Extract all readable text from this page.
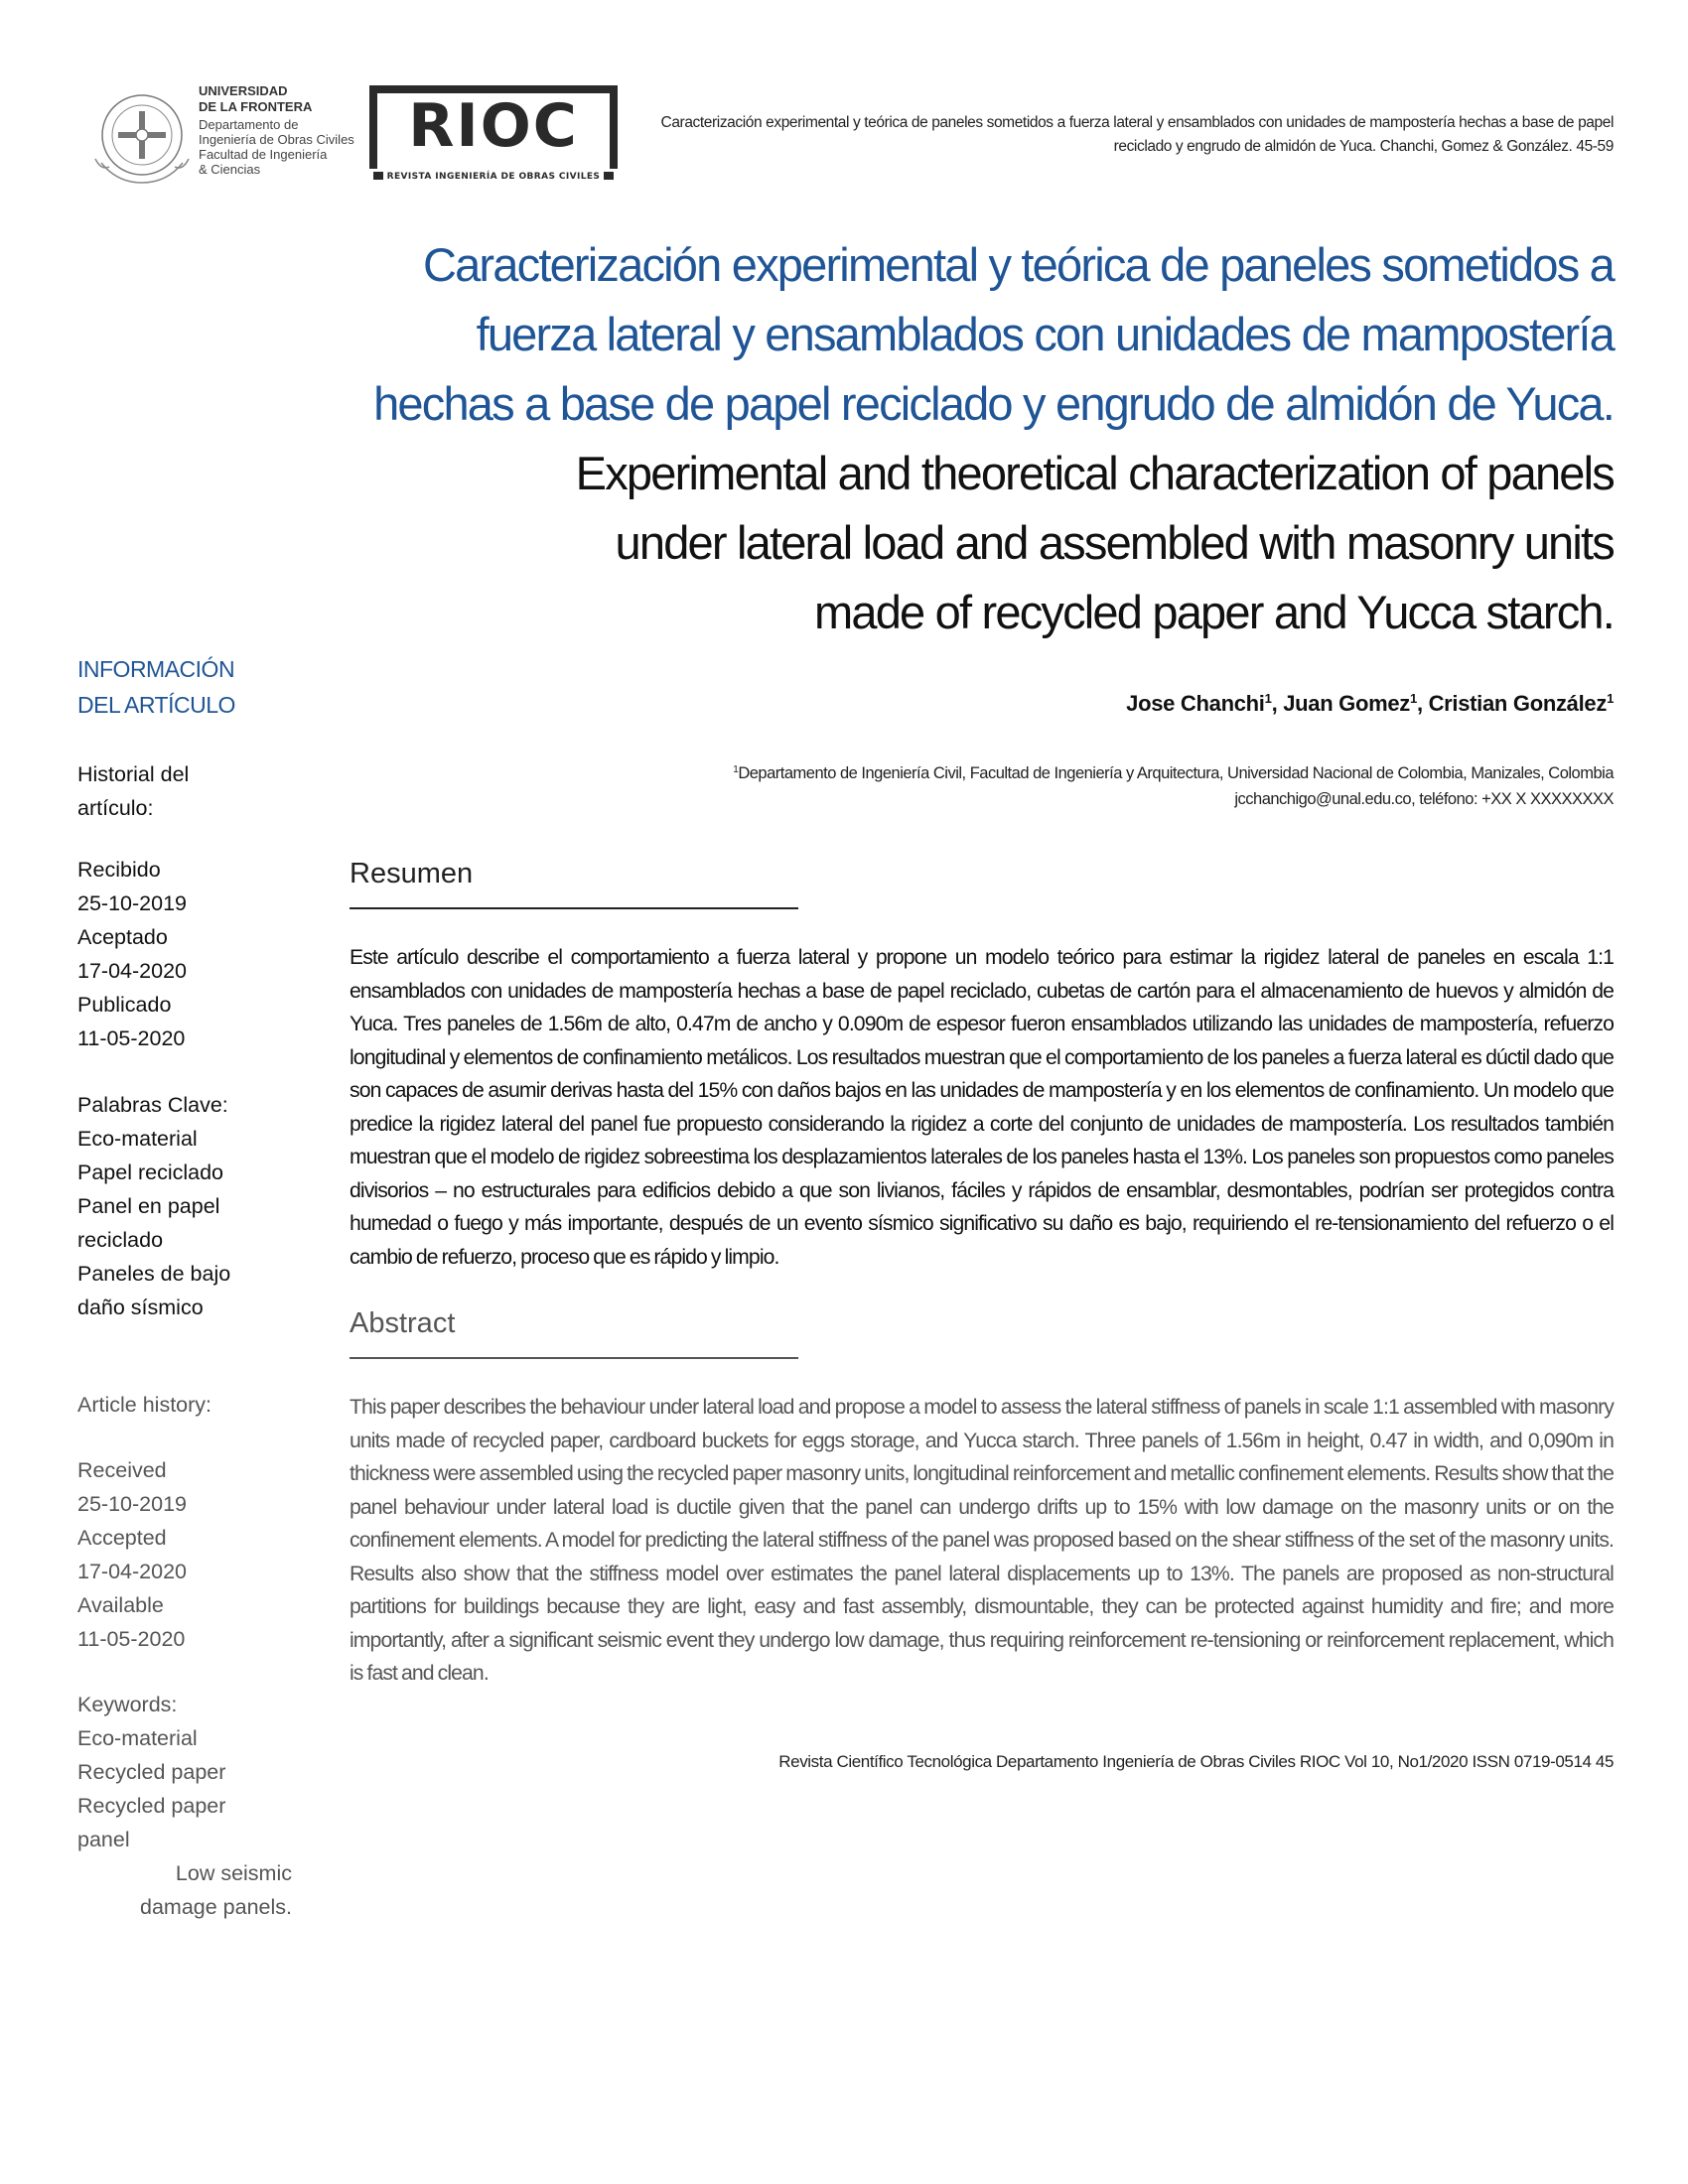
UNIVERSIDAD
DE LA FRONTERA
Departamento de
Ingeniería de Obras Civiles
Facultad de Ingeniería
& Ciencias
RIOC
REVISTA INGENIERÍA DE OBRAS CIVILES
Caracterización experimental y teórica de paneles sometidos a fuerza lateral y ensamblados con unidades de mampostería hechas a base de papel reciclado y engrudo de almidón de Yuca. Chanchi, Gomez & González. 45-59
Caracterización experimental y teórica de paneles sometidos a
fuerza lateral y ensamblados con unidades de mampostería
hechas a base de papel reciclado y engrudo de almidón de Yuca.
Experimental and theoretical characterization of panels
under lateral load and assembled with masonry units
made of recycled paper and Yucca starch.
INFORMACIÓN
DEL ARTÍCULO
Historial del
artículo:
Recibido
25-10-2019
Aceptado
17-04-2020
Publicado
11-05-2020
Palabras Clave:
Eco-material
Papel reciclado
Panel en papel
reciclado
Paneles de bajo
daño sísmico
Article history:
Received
25-10-2019
Accepted
17-04-2020
Available
11-05-2020
Keywords:
Eco-material
Recycled paper
Recycled paper
panel
Low seismic
damage panels.
Jose Chanchi$^1$, Juan Gomez$^1$, Cristian González$^1$
$^1$Departamento de Ingeniería Civil, Facultad de Ingeniería y Arquitectura, Universidad Nacional de Colombia, Manizales, Colombia
jcchanchigo@unal.edu.co, teléfono: +XX X XXXXXXXX
Resumen
Este artículo describe el comportamiento a fuerza lateral y propone un modelo teórico para estimar la rigidez lateral de paneles en escala 1:1 ensamblados con unidades de mampostería hechas a base de papel reciclado, cubetas de cartón para el almacenamiento de huevos y almidón de Yuca. Tres paneles de 1.56m de alto, 0.47m de ancho y 0.090m de espesor fueron ensamblados utilizando las unidades de mampostería, refuerzo longitudinal y elementos de confinamiento metálicos. Los resultados muestran que el comportamiento de los paneles a fuerza lateral es dúctil dado que son capaces de asumir derivas hasta del 15% con daños bajos en las unidades de mampostería y en los elementos de confinamiento. Un modelo que predice la rigidez lateral del panel fue propuesto considerando la rigidez a corte del conjunto de unidades de mampostería. Los resultados también muestran que el modelo de rigidez sobreestima los desplazamientos laterales de los paneles hasta el 13%. Los paneles son propuestos como paneles divisorios – no estructurales para edificios debido a que son livianos, fáciles y rápidos de ensamblar, desmontables, podrían ser protegidos contra humedad o fuego y más importante, después de un evento sísmico significativo su daño es bajo, requiriendo el re-tensionamiento del refuerzo o el cambio de refuerzo, proceso que es rápido y limpio.
Abstract
This paper describes the behaviour under lateral load and propose a model to assess the lateral stiffness of panels in scale 1:1 assembled with masonry units made of recycled paper, cardboard buckets for eggs storage, and Yucca starch. Three panels of 1.56m in height, 0.47 in width, and 0,090m in thickness were assembled using the recycled paper masonry units, longitudinal reinforcement and metallic confinement elements. Results show that the panel behaviour under lateral load is ductile given that the panel can undergo drifts up to 15% with low damage on the masonry units or on the confinement elements. A model for predicting the lateral stiffness of the panel was proposed based on the shear stiffness of the set of the masonry units. Results also show that the stiffness model over estimates the panel lateral displacements up to 13%. The panels are proposed as non-structural partitions for buildings because they are light, easy and fast assembly, dismountable, they can be protected against humidity and fire; and more importantly, after a significant seismic event they undergo low damage, thus requiring reinforcement re-tensioning or reinforcement replacement, which is fast and clean.
Revista Científico Tecnológica Departamento Ingeniería de Obras Civiles RIOC Vol 10, No1/2020 ISSN 0719-0514 45
